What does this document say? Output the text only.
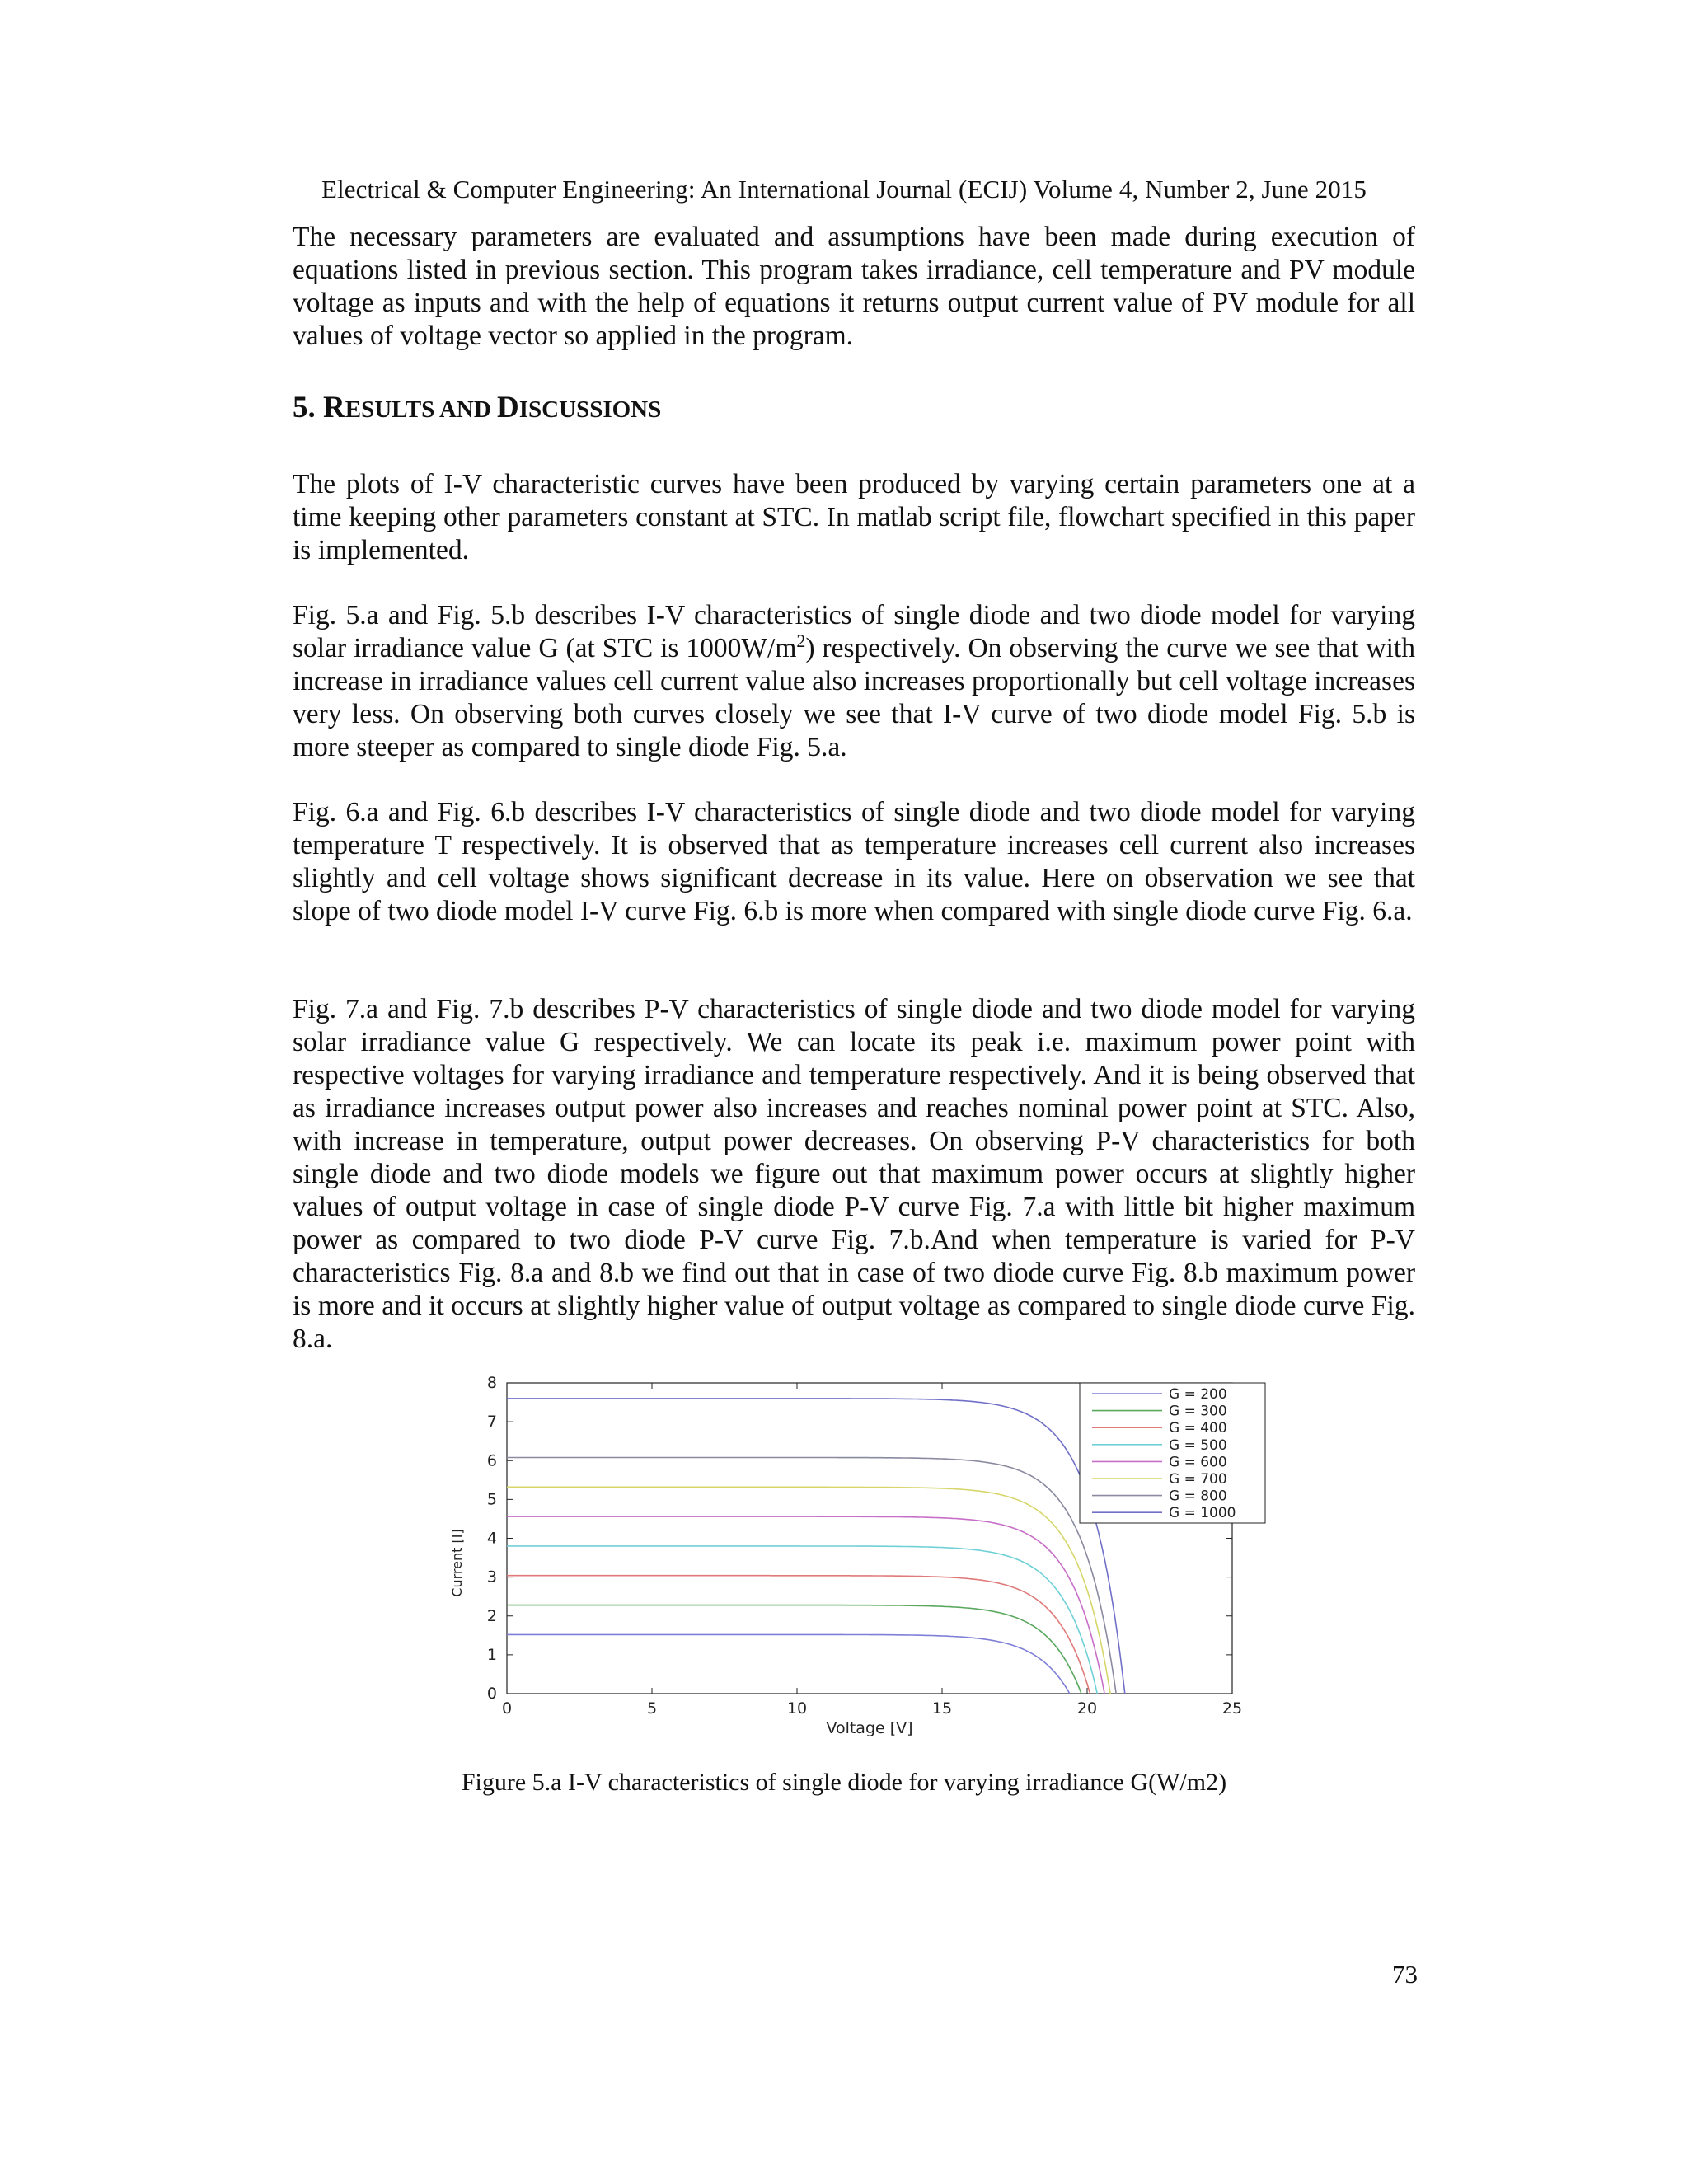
Electrical & Computer Engineering: An International Journal (ECIJ) Volume 4, Number 2, June 2015
The necessary parameters are evaluated and assumptions have been made during execution of equations listed in previous section. This program takes irradiance, cell temperature and PV module voltage as inputs and with the help of equations it returns output current value of PV module for all values of voltage vector so applied in the program.
5. RESULTS AND DISCUSSIONS
The plots of I-V characteristic curves have been produced by varying certain parameters one at a time keeping other parameters constant at STC. In matlab script file, flowchart specified in this paper is implemented.
Fig. 5.a and Fig. 5.b describes I-V characteristics of single diode and two diode model for varying solar irradiance value G (at STC is $1000W/m^2$) respectively. On observing the curve we see that with increase in irradiance values cell current value also increases proportionally but cell voltage increases very less. On observing both curves closely we see that I-V curve of two diode model Fig. 5.b is more steeper as compared to single diode Fig. 5.a.
Fig. 6.a and Fig. 6.b describes I-V characteristics of single diode and two diode model for varying temperature T respectively. It is observed that as temperature increases cell current also increases slightly and cell voltage shows significant decrease in its value. Here on observation we see that slope of two diode model I-V curve Fig. 6.b is more when compared with single diode curve Fig. 6.a.
Fig. 7.a and Fig. 7.b describes P-V characteristics of single diode and two diode model for varying solar irradiance value G respectively. We can locate its peak i.e. maximum power point with respective voltages for varying irradiance and temperature respectively. And it is being observed that as irradiance increases output power also increases and reaches nominal power point at STC. Also, with increase in temperature, output power decreases. On observing P-V characteristics for both single diode and two diode models we figure out that maximum power occurs at slightly higher values of output voltage in case of single diode P-V curve Fig. 7.a with little bit higher maximum power as compared to two diode P-V curve Fig. 7.b.And when temperature is varied for P-V characteristics Fig. 8.a and 8.b we find out that in case of two diode curve Fig. 8.b maximum power is more and it occurs at slightly higher value of output voltage as compared to single diode curve Fig. 8.a.
0	5	10	15	20	25
0
1
2
3
4
5
6
7
8
Voltage [V]
Current [I]
G = 200
G = 300
G = 400
G = 500
G = 600
G = 700
G = 800
G = 1000
Figure 5.a I-V characteristics of single diode for varying irradiance G(W/m2)
73
